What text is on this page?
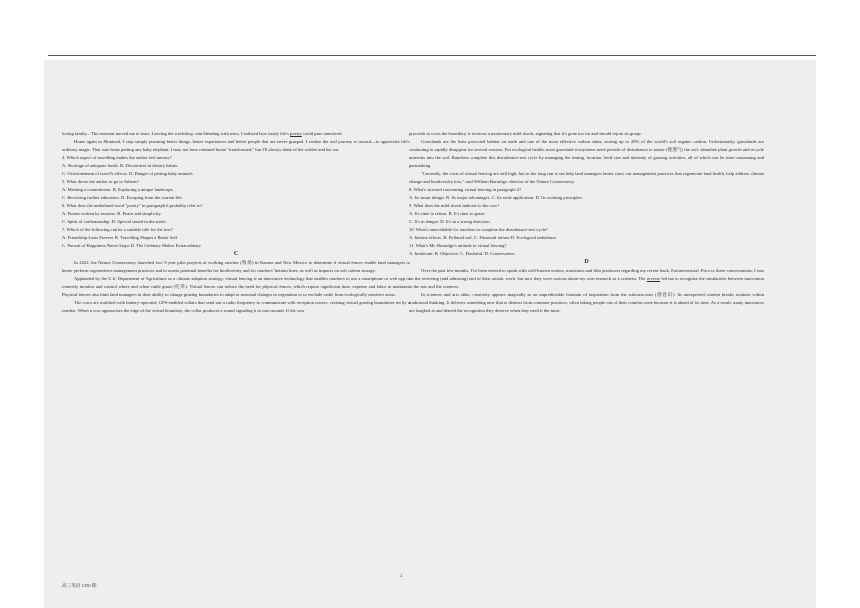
loving family... The moment moved me to tears. Leaving the workshop, rain blending with tears, I realized how easily life's poetry could pass unnoticed.

Home again in Montreal, I stop simply pursuing better things, better experiences and better people that are never grasped. I realize the real journey is inward—to appreciate life's ordinary magic. That sure beats petting any baby elephant. I may not have returned home "transformed," but I'll always think of the welder and his cat.

4. Which aspect of travelling makes the author feel uneasy?

A. Shortage of adequate funds. B. Discomfort in dietary habits.

C. Overstatement of travel's effects. D. Danger of petting baby animals.

5. What drove the author to go to Athens?

A. Meeting a commitment. B. Exploring a unique landscape.

C. Receiving further education. D. Escaping from the current life.

6. What does the underlined word "poetry" in paragraph 6 probably refer to?

A. Poems written by masters. B. Peace and simplicity.

C. Spirit of craftsmanship. D. Special sound in the street.

7. Which of the following can be a suitable title for the text?

A. Friendship Lasts Forever B. Travelling Shapes a Better Self

C. Pursuit of Happiness Never Stops D. The Ordinary Makes Extraordinary

C

In 2022, the Nature Conservancy launched two 5-year pilot projects at working ranches (牧场) in Kansas and New Mexico to determine if virtual fences enable land managers to better perform regenerative management practices and to assess potential benefits for biodiversity and for ranchers' bottom lines, as well as impacts on soil carbon storage.

Applauded by the U.S. Department of Agriculture as a climate adaption strategy, virtual fencing is an innovative technology that enables ranchers to use a smartphone or web app to remotely monitor and control where and when cattle graze (吃草). Virtual fences can reduce the need for physical fences, which require significant time, expense and labor to maintain. Physical fences also limit land managers in their ability to change grazing boundaries to adapt to seasonal changes in vegetation or to exclude cattle from ecologically sensitive areas.

The cows are outfitted with battery-operated, GPS-enabled collars that send out a radio frequency to communicate with reception towers, creating virtual grazing boundaries set by a rancher. When a cow approaches the edge of the virtual boundary, the collar produces a sound signaling it to turn around. If the cow

proceeds to cross the boundary, it receives a momentary mild shock, signaling that it's gone too far and should rejoin its group.

Grasslands are the least protected habitat on earth and one of the most effective carbon sinks, storing up to 20% of the world's soil organic carbon. Unfortunately, grasslands are continuing to rapidly disappear for several reasons. For ecological health, most grassland ecosystems need periods of disturbance to aerate (使透气) the soil, stimulate plant growth and recycle nutrients into the soil. Ranchers complete this disturbance-rest cycle by managing the timing, location, herd size and intensity of grazing activities, all of which can be time-consuming and painstaking.

"Currently, the costs of virtual fencing are still high, but in the long run it can help land managers better carry out management practices that regenerate land health, help address climate change and biodiversity loss," said William Burnidge, director of the Nature Conservancy.

8. What's stressed concerning virtual fencing in paragraph 2?

A. Its smart design. B. Its major advantages. C. Its wide application. D. Its working principles.

9. What does the mild shock indicate to the cow?

A. It's time to return. B. It's time to graze.

C. It's in danger. D. It's in a wrong direction.

10. What's unavoidable for ranchers to complete the disturbance-rest cycle?

A. Intense efforts. B. Polluted soil. C. Financial failure.D. Ecological imbalance.

11. What's Mr. Burnidge's attitude to virtual fencing?

A. Intolerant. B. Objective. C. Doubtful. D. Conservative.

D

Over the past few months, I've been invited to speak with well-known writers, musicians and film producers regarding my recent book, Extraterrestrial. Prior to these conversations, I was on the receiving (and admiring) end of their artistic work, but now they were curious about my own research as a scientist. The reverse led me to recognize the similarities between innovation in the arts and the sciences.

In sciences and arts alike, creativity appears magically as an unpredictable fountain of inspiration from the subconscious (潜意识). Its unexpected content breaks routines within traditional thinking. It delivers something new that is distinct from common practices, often taking people out of their comfort zone because it is ahead of its time. As a result, many innovators are laughed at and denied the recognition they deserve when they need it the most.

2
高三英语 1250 期
